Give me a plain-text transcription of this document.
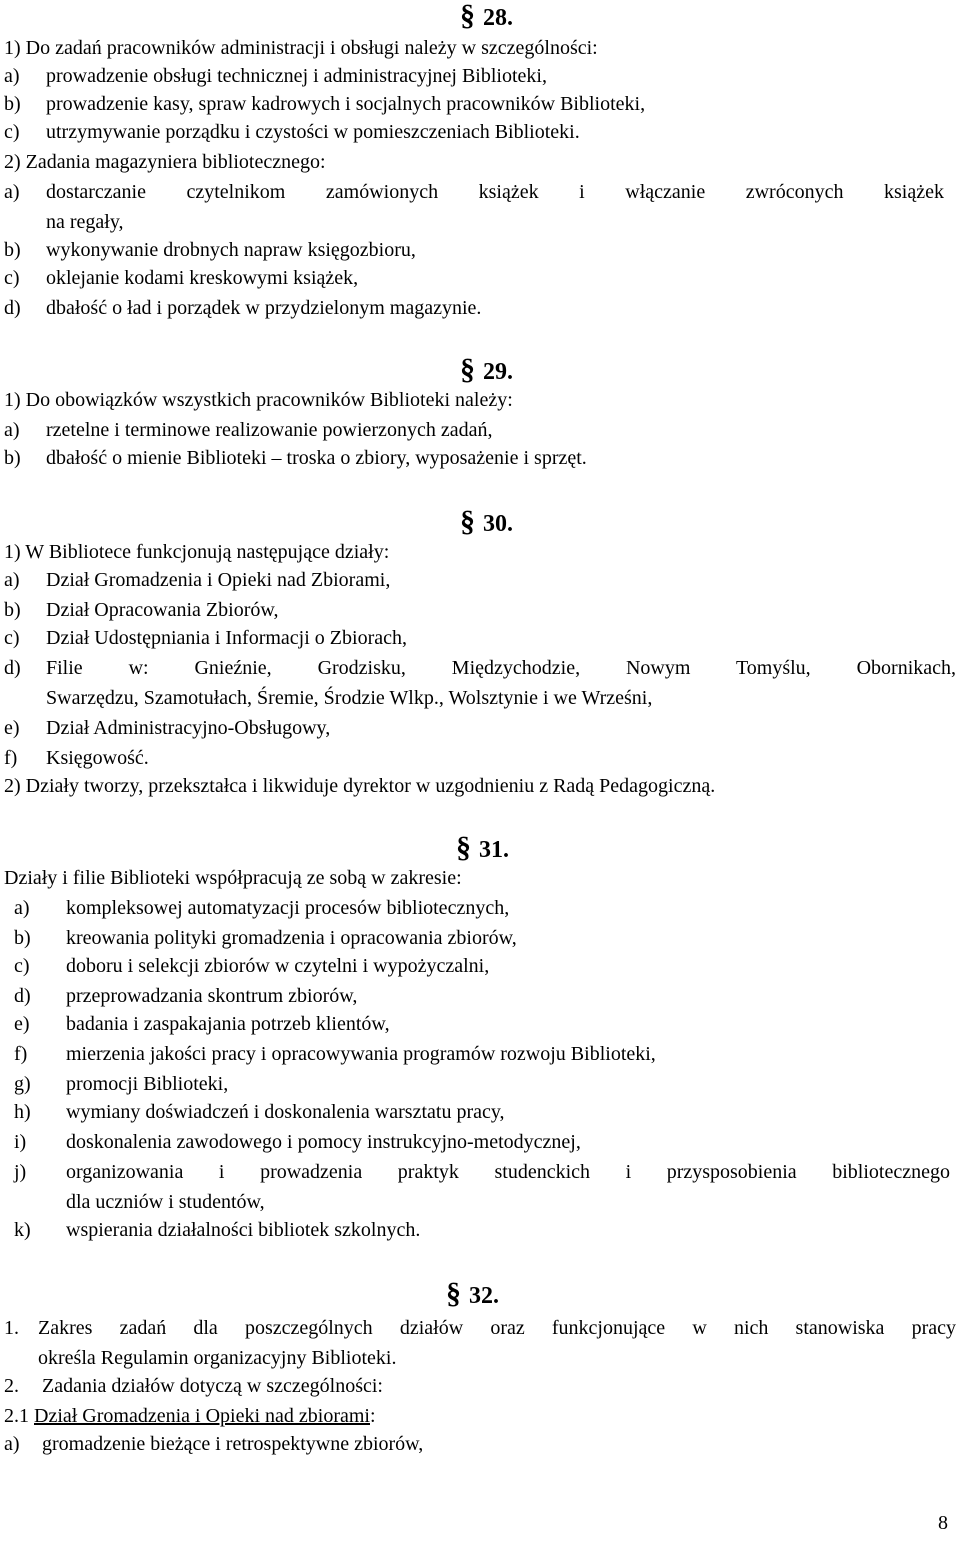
§ 28.
1) Do zadań pracowników administracji i obsługi należy w szczególności:
a)	prowadzenie obsługi technicznej i administracyjnej Biblioteki,
b)	prowadzenie kasy, spraw kadrowych i socjalnych pracowników Biblioteki,
c)	utrzymywanie porządku i czystości w pomieszczeniach Biblioteki.
2) Zadania magazyniera bibliotecznego:
a)	dostarczanie czytelnikom zamówionych książek i włączanie zwróconych książek
na regały,
b)	wykonywanie drobnych napraw księgozbioru,
c)	oklejanie kodami kreskowymi książek,
d)	dbałość o ład i porządek w przydzielonym magazynie.
§ 29.
1) Do obowiązków wszystkich pracowników Biblioteki należy:
a)	rzetelne i terminowe realizowanie powierzonych zadań,
b)	dbałość o mienie Biblioteki – troska o zbiory, wyposażenie i sprzęt.
§ 30.
1) W Bibliotece funkcjonują następujące działy:
a)	Dział Gromadzenia i Opieki nad Zbiorami,
b)	Dział Opracowania Zbiorów,
c)	Dział Udostępniania i Informacji o Zbiorach,
d)	Filie w: Gnieźnie, Grodzisku, Międzychodzie, Nowym Tomyślu, Obornikach,
Swarzędzu, Szamotułach, Śremie, Środzie Wlkp., Wolsztynie i we Wrześni,
e)	Dział Administracyjno-Obsługowy,
f)	Księgowość.
2) Działy tworzy, przekształca i likwiduje dyrektor w uzgodnieniu z Radą Pedagogiczną.
§ 31.
Działy i filie Biblioteki współpracują ze sobą w zakresie:
a)	kompleksowej automatyzacji procesów bibliotecznych,
b)	kreowania polityki gromadzenia i opracowania zbiorów,
c)	doboru i selekcji zbiorów w czytelni i wypożyczalni,
d)	przeprowadzania skontrum zbiorów,
e)	badania i zaspakajania potrzeb klientów,
f)	mierzenia jakości pracy i opracowywania programów rozwoju Biblioteki,
g)	promocji Biblioteki,
h)	wymiany doświadczeń i doskonalenia warsztatu pracy,
i)	doskonalenia zawodowego i pomocy instrukcyjno-metodycznej,
j)	organizowania i prowadzenia praktyk studenckich i przysposobienia bibliotecznego
dla uczniów i studentów,
k)	wspierania działalności bibliotek szkolnych.
§ 32.
1. Zakres zadań dla poszczególnych działów oraz funkcjonujące w nich stanowiska pracy
określa Regulamin organizacyjny Biblioteki.
2.	Zadania działów dotyczą w szczególności:
2.1 Dział Gromadzenia i Opieki nad zbiorami:
a)	gromadzenie bieżące i retrospektywne zbiorów,
8
